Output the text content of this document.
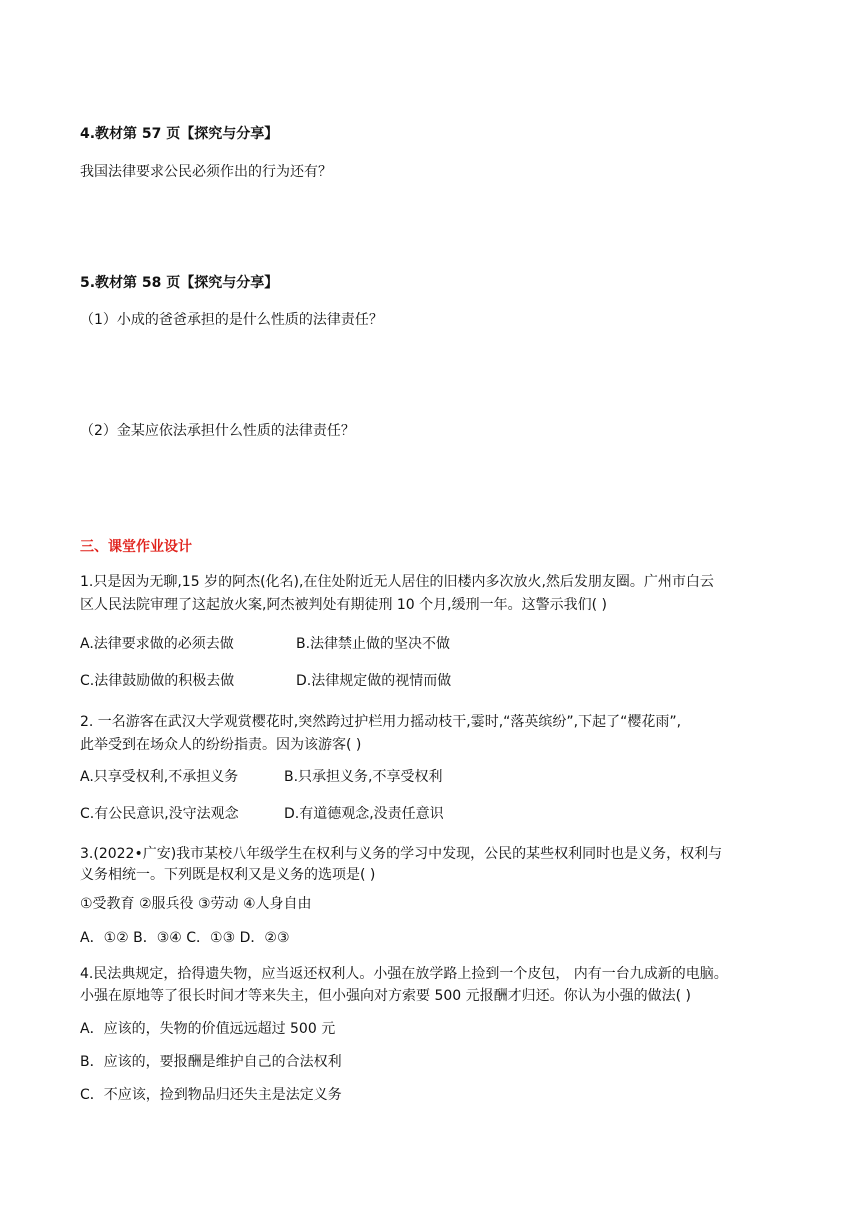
4.教材第 57 页【探究与分享】
我国法律要求公民必须作出的行为还有？
5.教材第 58 页【探究与分享】
（1）小成的爸爸承担的是什么性质的法律责任？
（2）金某应依法承担什么性质的法律责任？
三、课堂作业设计
1.只是因为无聊,15 岁的阿杰(化名),在住处附近无人居住的旧楼内多次放火,然后发朋友圈。广州市白云
区人民法院审理了这起放火案,阿杰被判处有期徒刑 10 个月,缓刑一年。这警示我们( )
A.法律要求做的必须去做	B.法律禁止做的坚决不做
C.法律鼓励做的积极去做	D.法律规定做的视情而做
2. 一名游客在武汉大学观赏樱花时,突然跨过护栏用力摇动枝干,霎时,“落英缤纷”,下起了“樱花雨”,
此举受到在场众人的纷纷指责。因为该游客( )
A.只享受权利,不承担义务	B.只承担义务,不享受权利
C.有公民意识,没守法观念	D.有道德观念,没责任意识
3.(2022•广安)我市某校八年级学生在权利与义务的学习中发现，公民的某些权利同时也是义务，权利与
义务相统一。下列既是权利又是义务的选项是( )
①受教育 ②服兵役 ③劳动 ④人身自由
A．①② B．③④ C．①③ D．②③
4.民法典规定，拾得遗失物，应当返还权利人。小强在放学路上捡到一个皮包， 内有一台九成新的电脑。
小强在原地等了很长时间才等来失主，但小强向对方索要 500 元报酬才归还。你认为小强的做法( )
A．应该的，失物的价值远远超过 500 元
B．应该的，要报酬是维护自己的合法权利
C．不应该，捡到物品归还失主是法定义务
